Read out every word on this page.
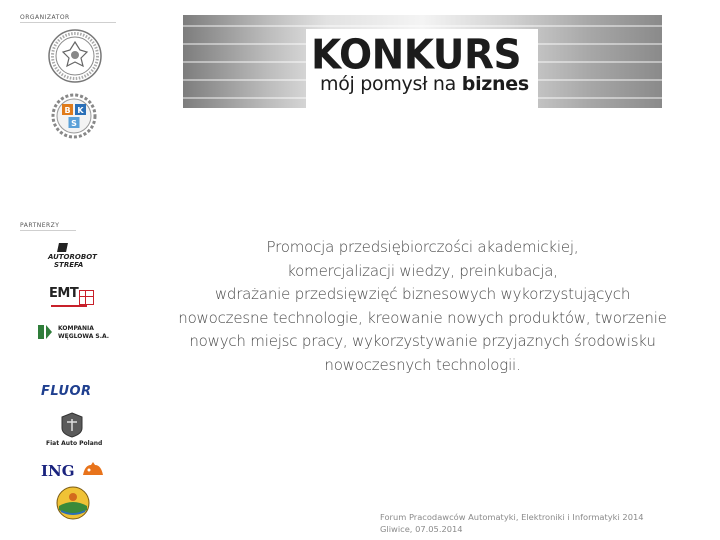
ORGANIZATOR
B K
S
PARTNERZY
AUTOROBOT
STREFA
EMT
KOMPANIA
WĘGLOWA S.A.
FLUOR
Fiat Auto Poland
ING
KONKURS
mój pomysł na biznes
Promocja przedsiębiorczości akademickiej,
komercjalizacji wiedzy, preinkubacja,
wdrażanie przedsięwzięć biznesowych wykorzystujących
nowoczesne technologie, kreowanie nowych produktów, tworzenie
nowych miejsc pracy, wykorzystywanie przyjaznych środowisku
nowoczesnych technologii.
Forum Pracodawców Automatyki, Elektroniki i Informatyki 2014
Gliwice, 07.05.2014
